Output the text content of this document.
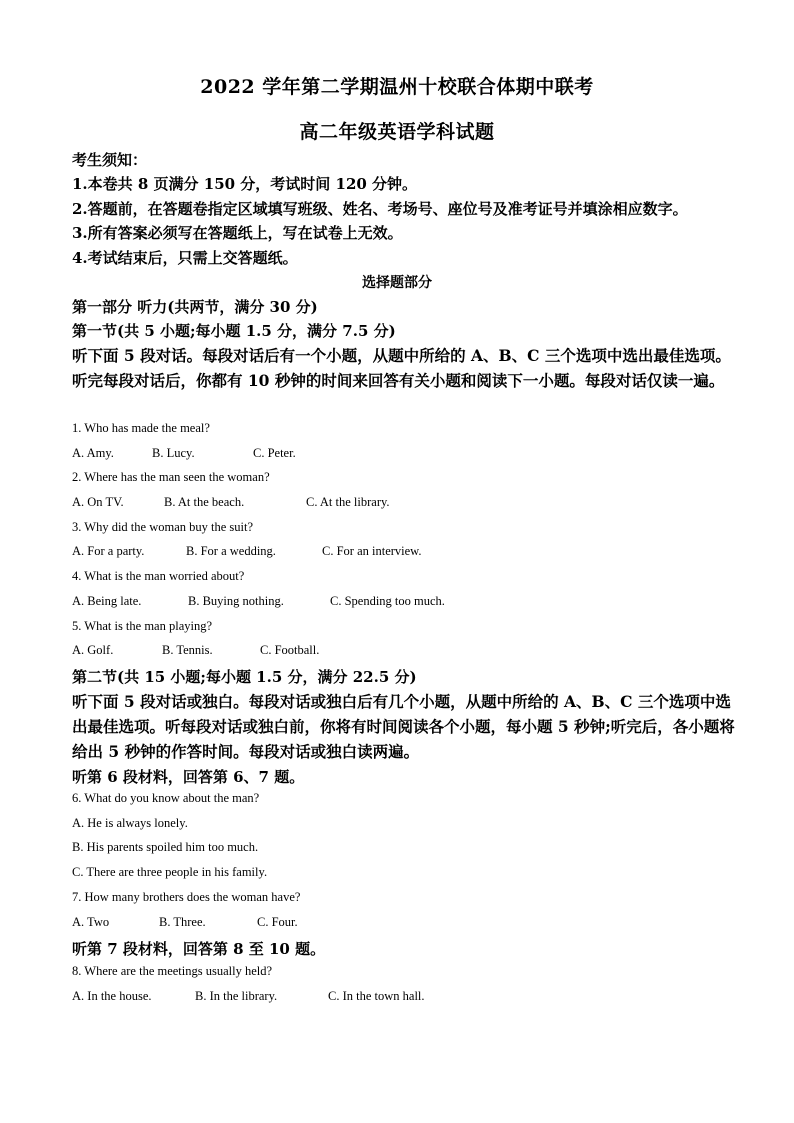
2022 学年第二学期温州十校联合体期中联考
高二年级英语学科试题
考生须知：
1.本卷共 8 页满分 150 分，考试时间 120 分钟。
2.答题前，在答题卷指定区域填写班级、姓名、考场号、座位号及准考证号并填涂相应数字。
3.所有答案必须写在答题纸上，写在试卷上无效。
4.考试结束后，只需上交答题纸。
选择题部分
第一部分 听力(共两节，满分 30 分)
第一节(共 5 小题;每小题 1.5 分，满分 7.5 分)
听下面 5 段对话。每段对话后有一个小题，从题中所给的 A、B、C 三个选项中选出最佳选项。听完每段对话后，你都有 10 秒钟的时间来回答有关小题和阅读下一小题。每段对话仅读一遍。
1. Who has made the meal?
A. Amy.	B. Lucy.	C. Peter.
2. Where has the man seen the woman?
A. On TV.	B. At the beach.	C. At the library.
3. Why did the woman buy the suit?
A. For a party.	B. For a wedding.	C. For an interview.
4. What is the man worried about?
A. Being late.	B. Buying nothing.	C. Spending too much.
5. What is the man playing?
A. Golf.	B. Tennis.	C. Football.
第二节(共 15 小题;每小题 1.5 分，满分 22.5 分)
听下面 5 段对话或独白。每段对话或独白后有几个小题，从题中所给的 A、B、C 三个选项中选出最佳选项。听每段对话或独白前，你将有时间阅读各个小题，每小题 5 秒钟;听完后，各小题将给出 5 秒钟的作答时间。每段对话或独白读两遍。
听第 6 段材料，回答第 6、7 题。
6. What do you know about the man?
A. He is always lonely.
B. His parents spoiled him too much.
C. There are three people in his family.
7. How many brothers does the woman have?
A. Two	B. Three.	C. Four.
听第 7 段材料，回答第 8 至 10 题。
8. Where are the meetings usually held?
A. In the house.	B. In the library.	C. In the town hall.
